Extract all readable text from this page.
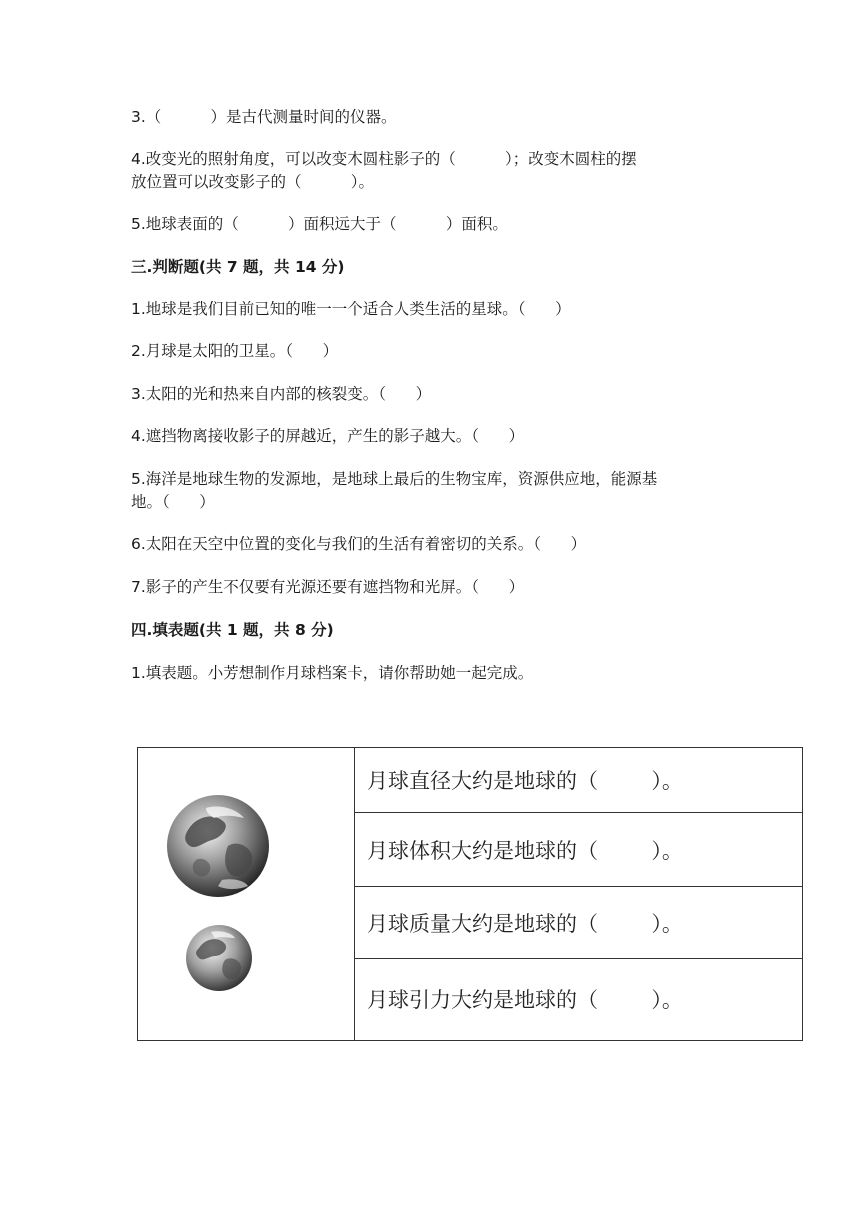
3.（          ）是古代测量时间的仪器。
4.改变光的照射角度，可以改变木圆柱影子的（          ）；改变木圆柱的摆
放位置可以改变影子的（          ）。
5.地球表面的（          ）面积远大于（          ）面积。
三.判断题(共 7 题，共 14 分)
1.地球是我们目前已知的唯一一个适合人类生活的星球。（      ）
2.月球是太阳的卫星。（      ）
3.太阳的光和热来自内部的核裂变。（      ）
4.遮挡物离接收影子的屏越近，产生的影子越大。（      ）
5.海洋是地球生物的发源地，是地球上最后的生物宝库，资源供应地，能源基
地。（      ）
6.太阳在天空中位置的变化与我们的生活有着密切的关系。（      ）
7.影子的产生不仅要有光源还要有遮挡物和光屏。（      ）
四.填表题(共 1 题，共 8 分)
1.填表题。小芳想制作月球档案卡，请你帮助她一起完成。
月球直径大约是地球的（        ）。
月球体积大约是地球的（        ）。
月球质量大约是地球的（        ）。
月球引力大约是地球的（        ）。
